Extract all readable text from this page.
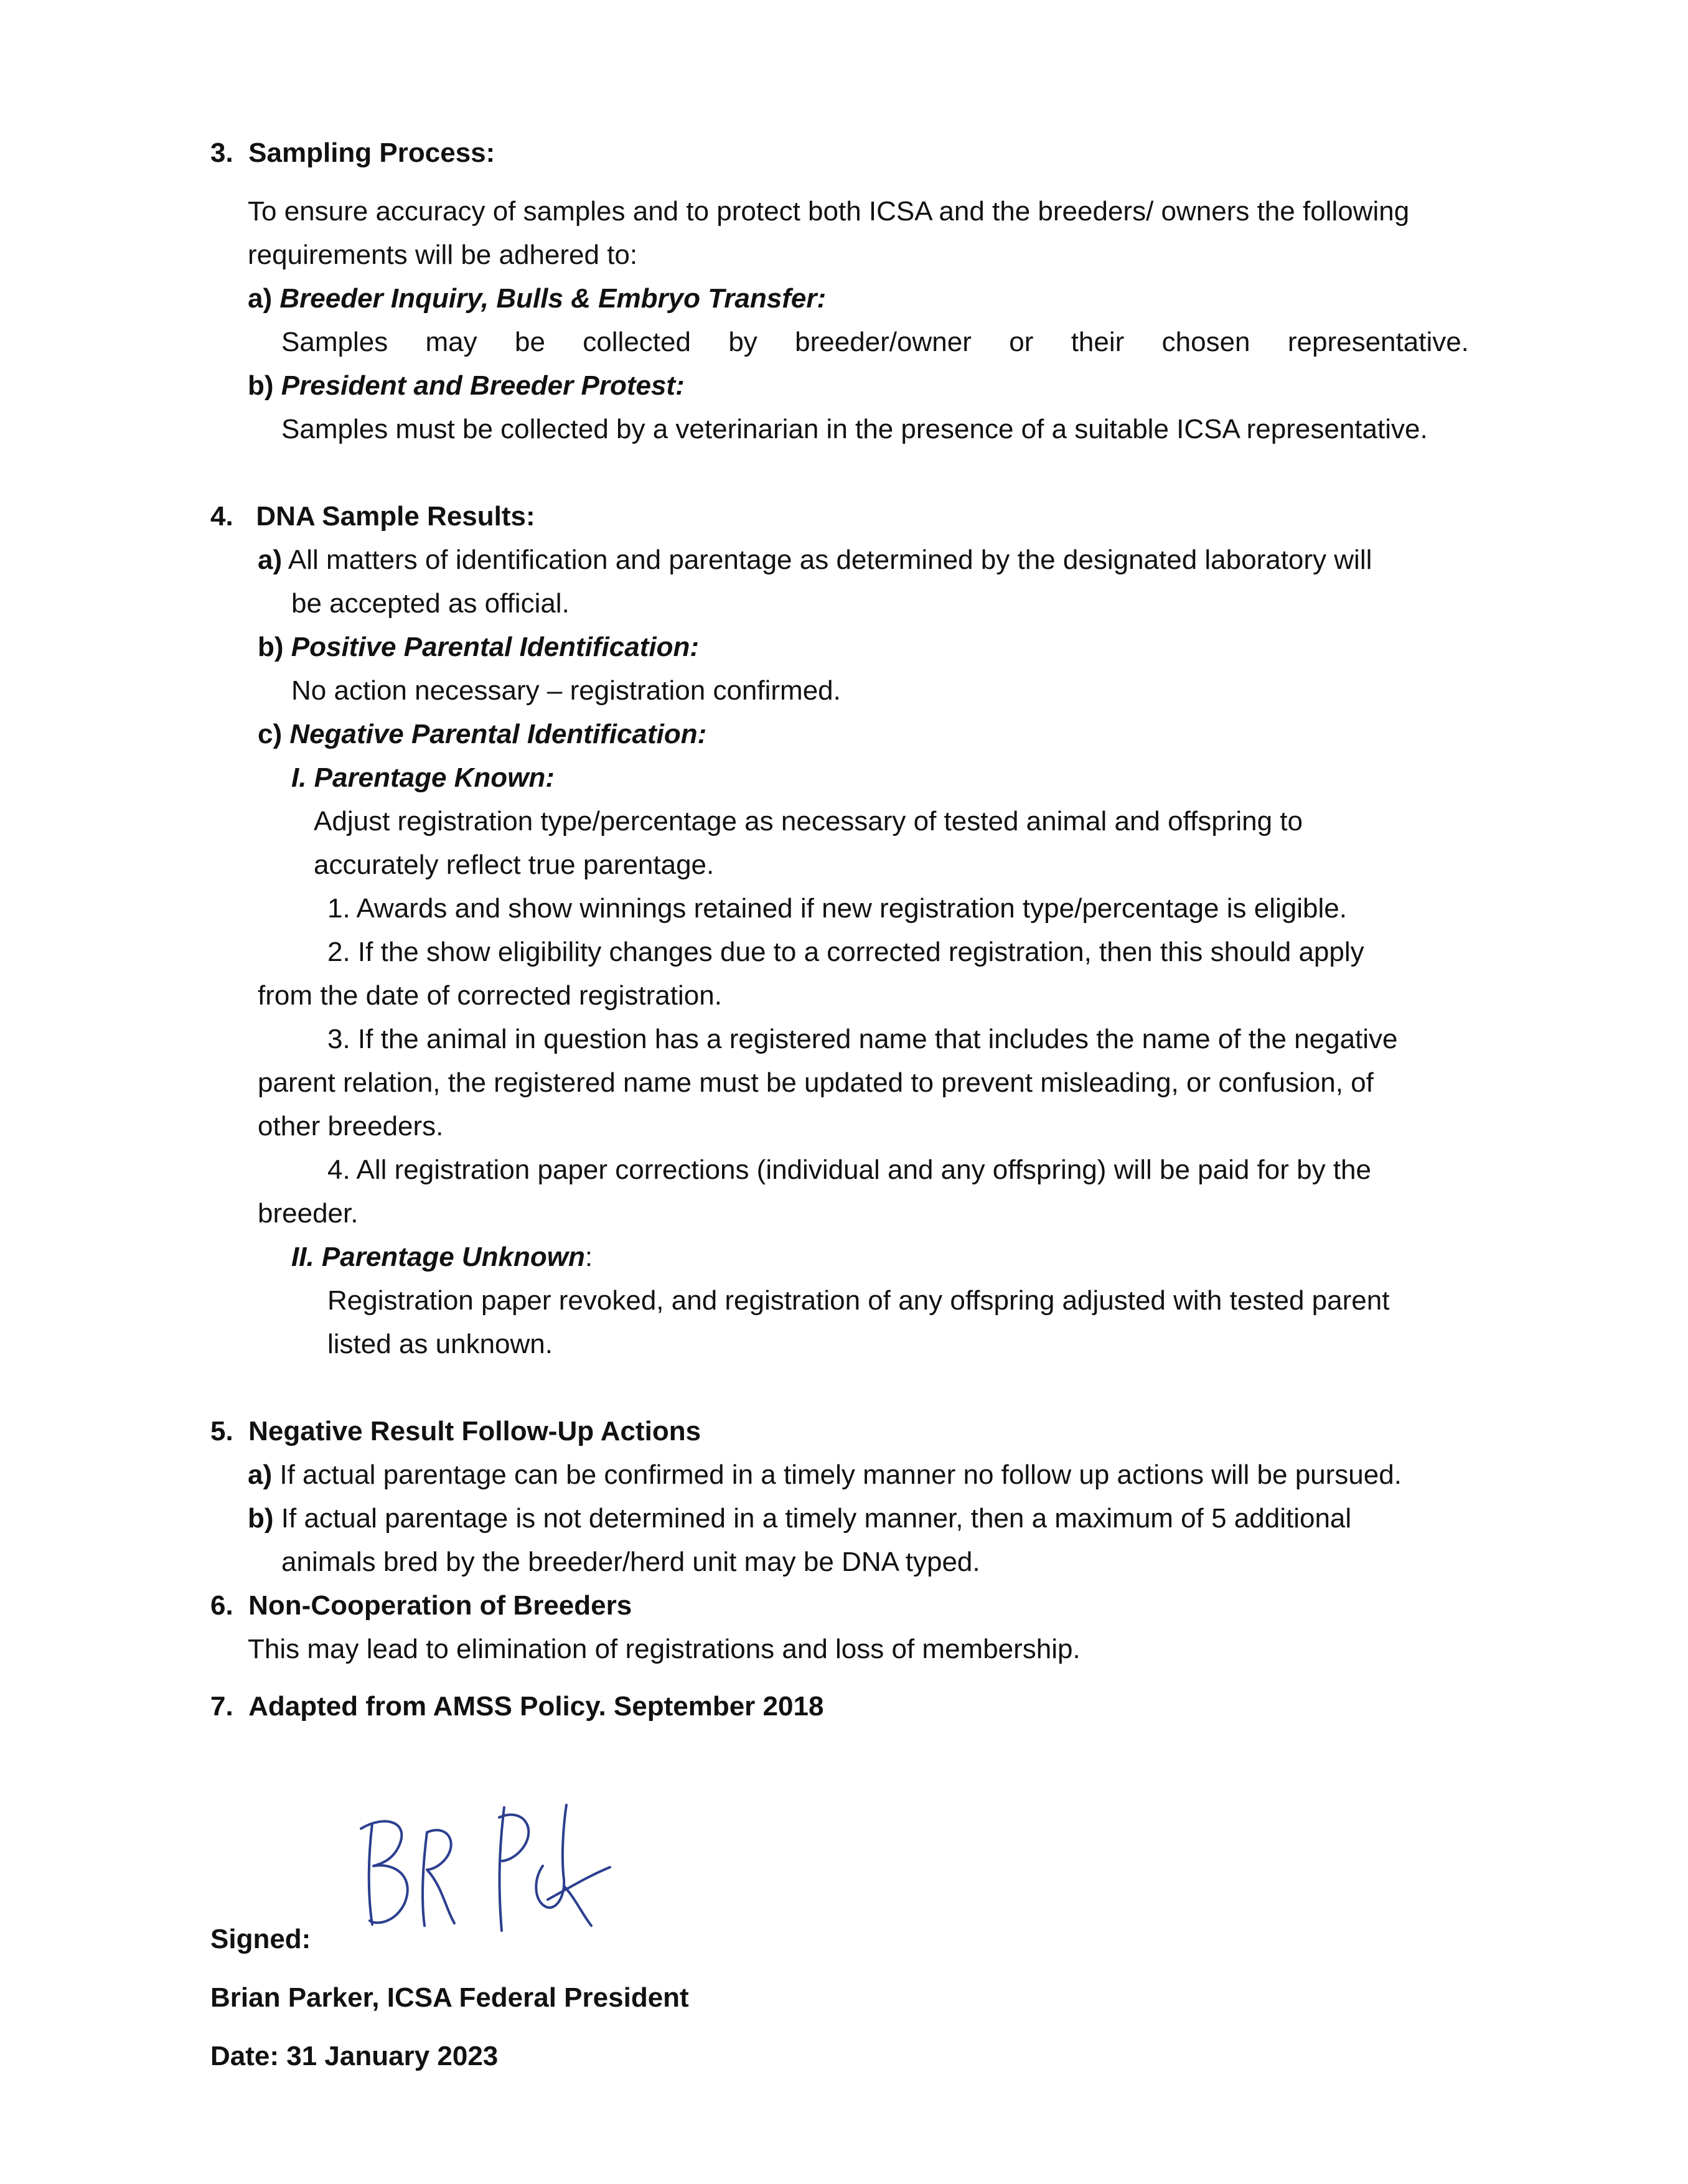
3. Sampling Process:
To ensure accuracy of samples and to protect both ICSA and the breeders/ owners the following
requirements will be adhered to:
a) Breeder Inquiry, Bulls & Embryo Transfer:
Samples may be collected by breeder/owner or their chosen representative.
b) President and Breeder Protest:
Samples must be collected by a veterinarian in the presence of a suitable ICSA representative.
4. DNA Sample Results:
a) All matters of identification and parentage as determined by the designated laboratory will
be accepted as official.
b) Positive Parental Identification:
No action necessary – registration confirmed.
c) Negative Parental Identification:
I. Parentage Known:
Adjust registration type/percentage as necessary of tested animal and offspring to
accurately reflect true parentage.
1. Awards and show winnings retained if new registration type/percentage is eligible.
2. If the show eligibility changes due to a corrected registration, then this should apply
from the date of corrected registration.
3. If the animal in question has a registered name that includes the name of the negative
parent relation, the registered name must be updated to prevent misleading, or confusion, of
other breeders.
4. All registration paper corrections (individual and any offspring) will be paid for by the
breeder.
II. Parentage Unknown:
Registration paper revoked, and registration of any offspring adjusted with tested parent
listed as unknown.
5. Negative Result Follow-Up Actions
a) If actual parentage can be confirmed in a timely manner no follow up actions will be pursued.
b) If actual parentage is not determined in a timely manner, then a maximum of 5 additional
animals bred by the breeder/herd unit may be DNA typed.
6. Non-Cooperation of Breeders
This may lead to elimination of registrations and loss of membership.
7. Adapted from AMSS Policy. September 2018
Signed:
Brian Parker, ICSA Federal President
Date: 31 January 2023
